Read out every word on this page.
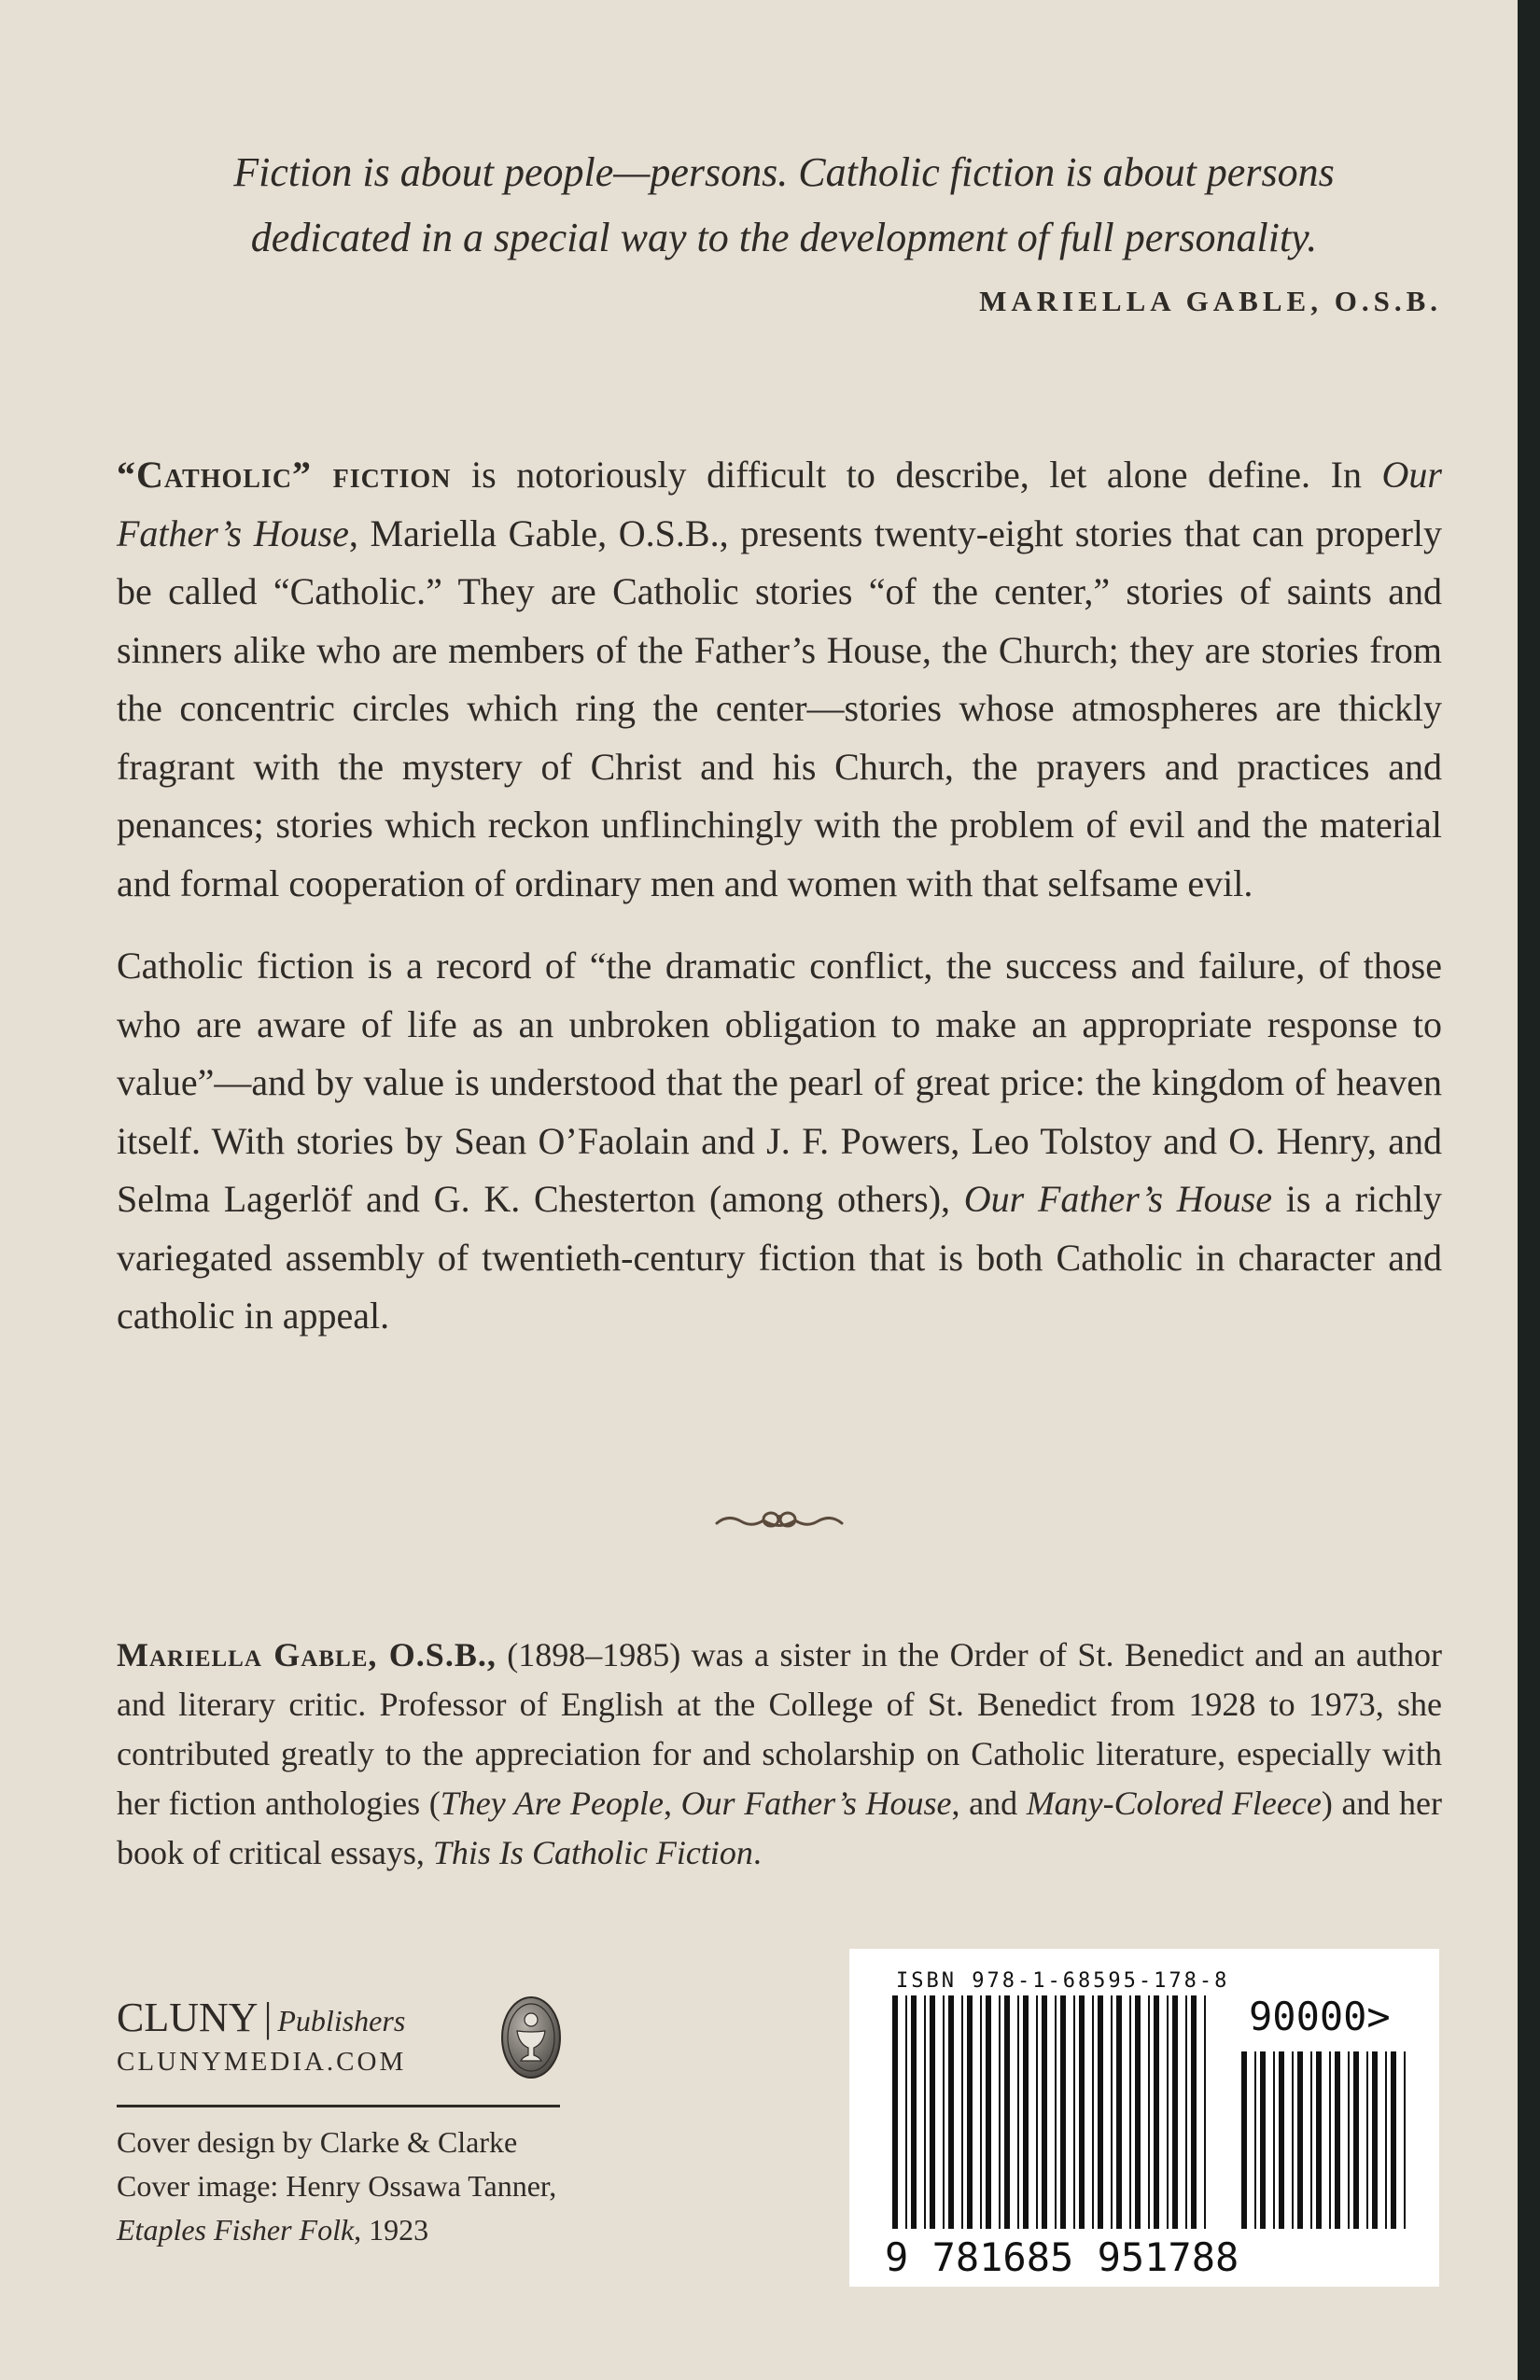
Fiction is about people—persons. Catholic fiction is about persons

dedicated in a special way to the development of full personality.

MARIELLA GABLE, O.S.B.

“Catholic” fiction is notoriously difficult to describe, let alone define. In Our Father’s House, Mariella Gable, O.S.B., presents twenty-eight stories that can properly be called “Catholic.” They are Catholic stories “of the center,” stories of saints and sinners alike who are members of the Father’s House, the Church; they are stories from the concentric circles which ring the center—stories whose atmospheres are thickly fragrant with the mystery of Christ and his Church, the prayers and practices and penances; stories which reckon unflinchingly with the problem of evil and the material and formal cooperation of ordinary men and women with that selfsame evil.

Catholic fiction is a record of “the dramatic conflict, the success and failure, of those who are aware of life as an unbroken obligation to make an appropriate response to value”—and by value is understood that the pearl of great price: the kingdom of heaven itself. With stories by Sean O’Faolain and J. F. Powers, Leo Tolstoy and O. Henry, and Selma Lagerlöf and G. K. Chesterton (among others), Our Father’s House is a richly variegated assembly of twentieth-century fiction that is both Catholic in character and catholic in appeal.

Mariella Gable, O.S.B., (1898–1985) was a sister in the Order of St. Benedict and an author and literary critic. Professor of English at the College of St. Benedict from 1928 to 1973, she contributed greatly to the appreciation for and scholarship on Catholic literature, especially with her fiction anthologies (They Are People, Our Father’s House, and Many-Colored Fleece) and her book of critical essays, This Is Catholic Fiction.

CLUNY | Publishers
CLUNYMEDIA.COM

Cover design by Clarke & Clarke

Cover image: Henry Ossawa Tanner, Etaples Fisher Folk, 1923

ISBN 978-1-68595-178-8
90000>
9 781685 951788
